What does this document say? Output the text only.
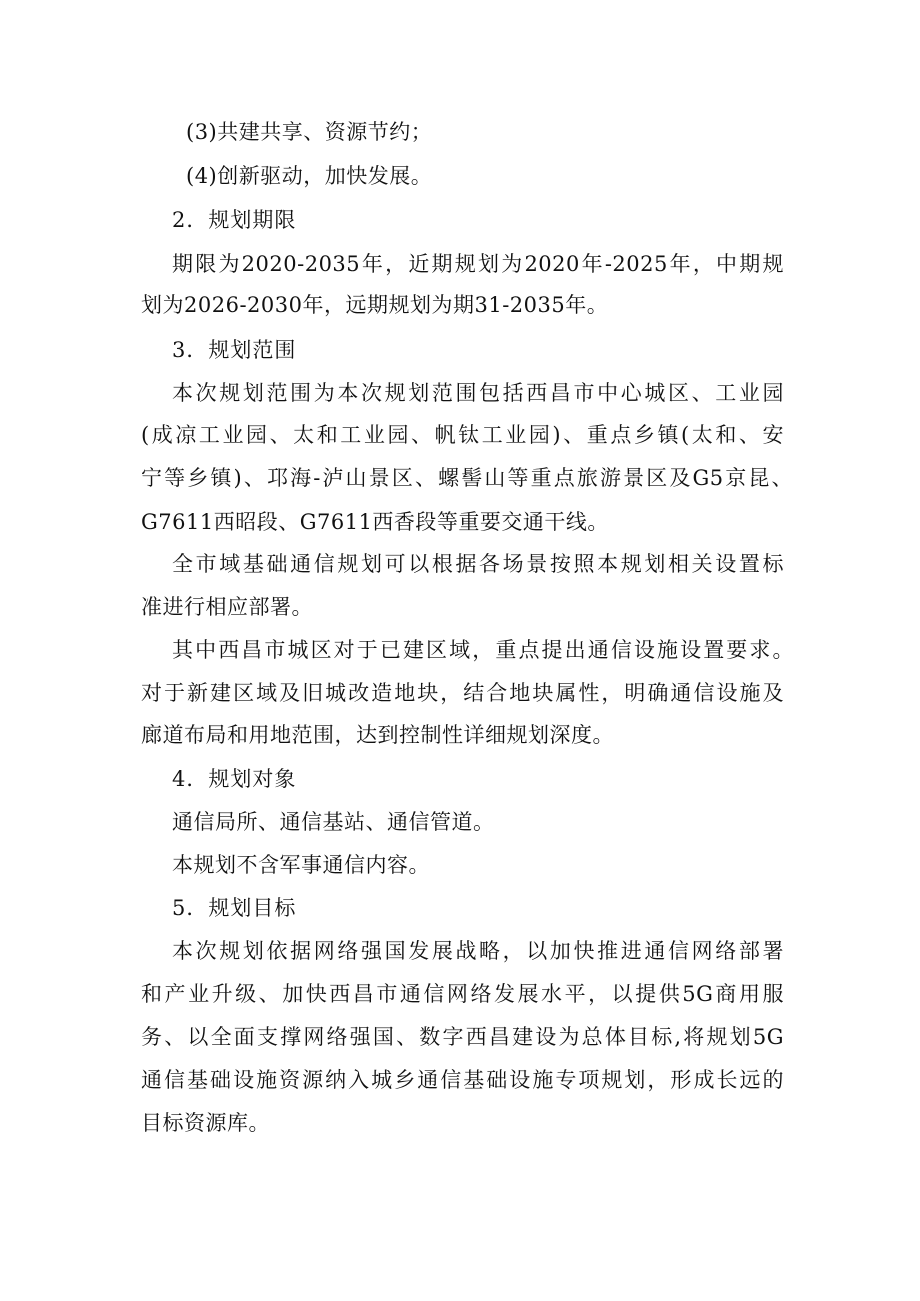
(3)共建共享、资源节约；
(4)创新驱动，加快发展。
2．规划期限
期限为2020-2035年，近期规划为2020年-2025年，中期规
划为2026-2030年，远期规划为期31-2035年。
3．规划范围
本次规划范围为本次规划范围包括西昌市中心城区、工业园
(成凉工业园、太和工业园、帆钛工业园)、重点乡镇(太和、安
宁等乡镇)、邛海-泸山景区、螺髻山等重点旅游景区及G5京昆、
G7611西昭段、G7611西香段等重要交通干线。
全市域基础通信规划可以根据各场景按照本规划相关设置标
准进行相应部署。
其中西昌市城区对于已建区域，重点提出通信设施设置要求。
对于新建区域及旧城改造地块，结合地块属性，明确通信设施及
廊道布局和用地范围，达到控制性详细规划深度。
4．规划对象
通信局所、通信基站、通信管道。
本规划不含军事通信内容。
5．规划目标
本次规划依据网络强国发展战略，以加快推进通信网络部署
和产业升级、加快西昌市通信网络发展水平，以提供5G商用服
务、以全面支撑网络强国、数字西昌建设为总体目标,将规划5G
通信基础设施资源纳入城乡通信基础设施专项规划，形成长远的
目标资源库。
